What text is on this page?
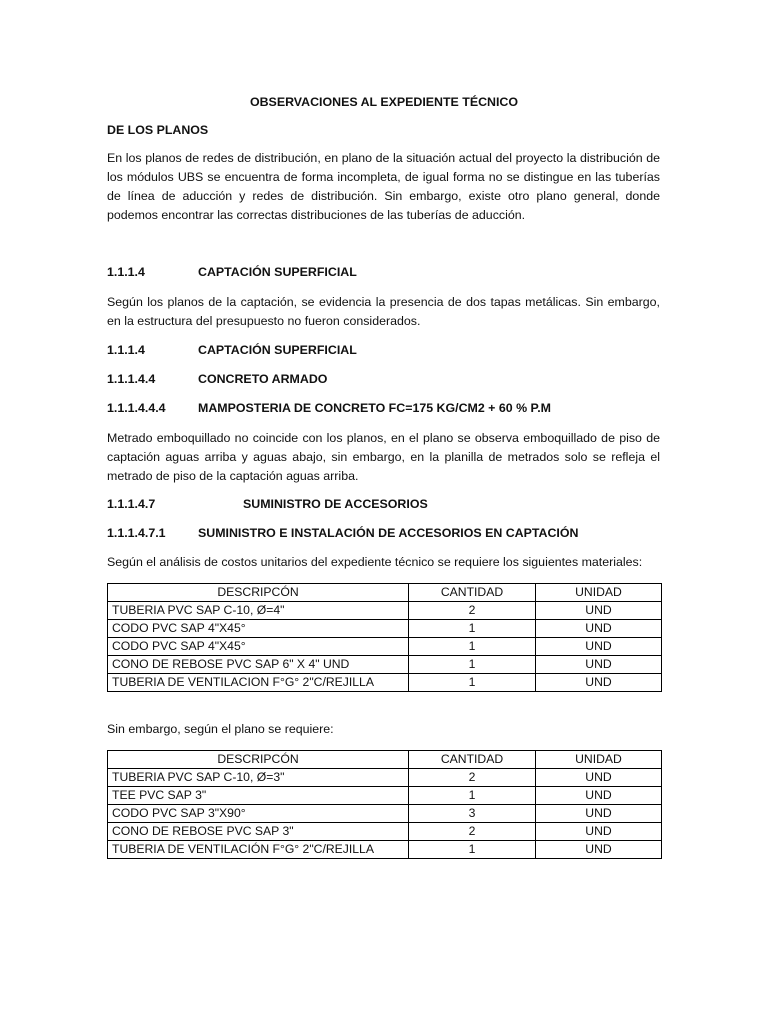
OBSERVACIONES AL EXPEDIENTE TÉCNICO
DE LOS PLANOS
En los planos de redes de distribución, en plano de la situación actual del proyecto la distribución de los módulos UBS se encuentra de forma incompleta, de igual forma no se distingue en las tuberías de línea de aducción y redes de distribución. Sin embargo, existe otro plano general, donde podemos encontrar las correctas distribuciones de las tuberías de aducción.
1.1.1.4	CAPTACIÓN SUPERFICIAL
Según los planos de la captación, se evidencia la presencia de dos tapas metálicas. Sin embargo, en la estructura del presupuesto no fueron considerados.
1.1.1.4	CAPTACIÓN SUPERFICIAL
1.1.1.4.4	CONCRETO ARMADO
1.1.1.4.4.4	MAMPOSTERIA DE CONCRETO FC=175 KG/CM2 + 60 % P.M
Metrado emboquillado no coincide con los planos, en el plano se observa emboquillado de piso de captación aguas arriba y aguas abajo, sin embargo, en la planilla de metrados solo se refleja el metrado de piso de la captación aguas arriba.
1.1.1.4.7	SUMINISTRO DE ACCESORIOS
1.1.1.4.7.1	SUMINISTRO E INSTALACIÓN DE ACCESORIOS EN CAPTACIÓN
Según el análisis de costos unitarios del expediente técnico se requiere los siguientes materiales:
DESCRIPCÓN	CANTIDAD	UNIDAD
TUBERIA PVC SAP C-10, Ø=4"	2	UND
CODO PVC SAP 4"X45°	1	UND
CODO PVC SAP 4"X45°	1	UND
CONO DE REBOSE PVC SAP 6" X 4" UND	1	UND
TUBERIA DE VENTILACION F°G° 2"C/REJILLA	1	UND
Sin embargo, según el plano se requiere:
DESCRIPCÓN	CANTIDAD	UNIDAD
TUBERIA PVC SAP C-10, Ø=3"	2	UND
TEE PVC SAP 3"	1	UND
CODO PVC SAP 3"X90°	3	UND
CONO DE REBOSE PVC SAP 3"	2	UND
TUBERIA DE VENTILACIÓN F°G° 2"C/REJILLA	1	UND
